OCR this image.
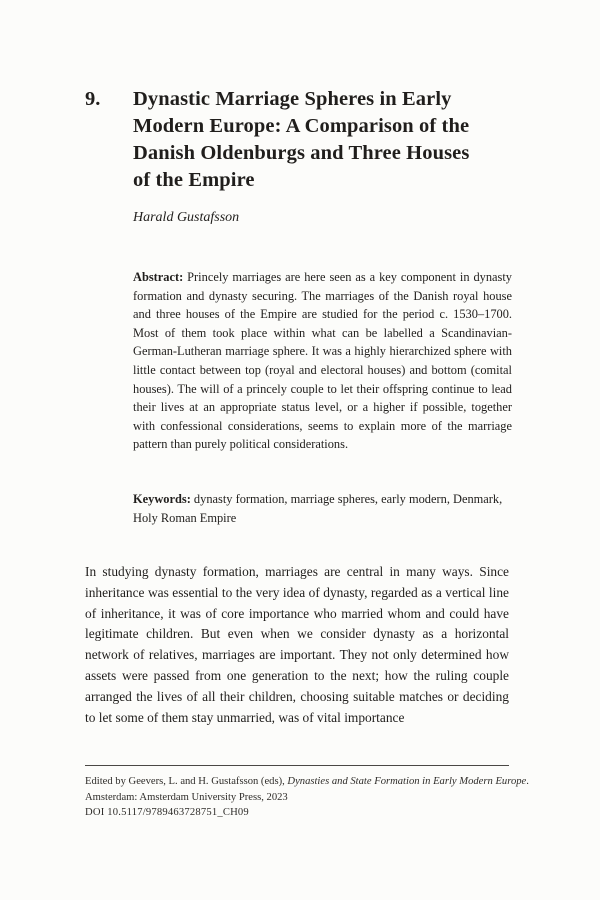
9.	Dynastic Marriage Spheres in Early
Modern Europe: A Comparison of the
Danish Oldenburgs and Three Houses
of the Empire
Harald Gustafsson
Abstract: Princely marriages are here seen as a key component in dynasty formation and dynasty securing. The marriages of the Danish royal house and three houses of the Empire are studied for the period c. 1530–1700. Most of them took place within what can be labelled a Scandinavian-German-Lutheran marriage sphere. It was a highly hierarchized sphere with little contact between top (royal and electoral houses) and bottom (comital houses). The will of a princely couple to let their offspring continue to lead their lives at an appropriate status level, or a higher if possible, together with confessional considerations, seems to explain more of the marriage pattern than purely political considerations.
Keywords: dynasty formation, marriage spheres, early modern, Denmark, Holy Roman Empire
In studying dynasty formation, marriages are central in many ways. Since inheritance was essential to the very idea of dynasty, regarded as a vertical line of inheritance, it was of core importance who married whom and could have legitimate children. But even when we consider dynasty as a horizontal network of relatives, marriages are important. They not only determined how assets were passed from one generation to the next; how the ruling couple arranged the lives of all their children, choosing suitable matches or deciding to let some of them stay unmarried, was of vital importance
Edited by Geevers, L. and H. Gustafsson (eds), Dynasties and State Formation in Early Modern Europe. Amsterdam: Amsterdam University Press, 2023
DOI 10.5117/9789463728751_CH09
